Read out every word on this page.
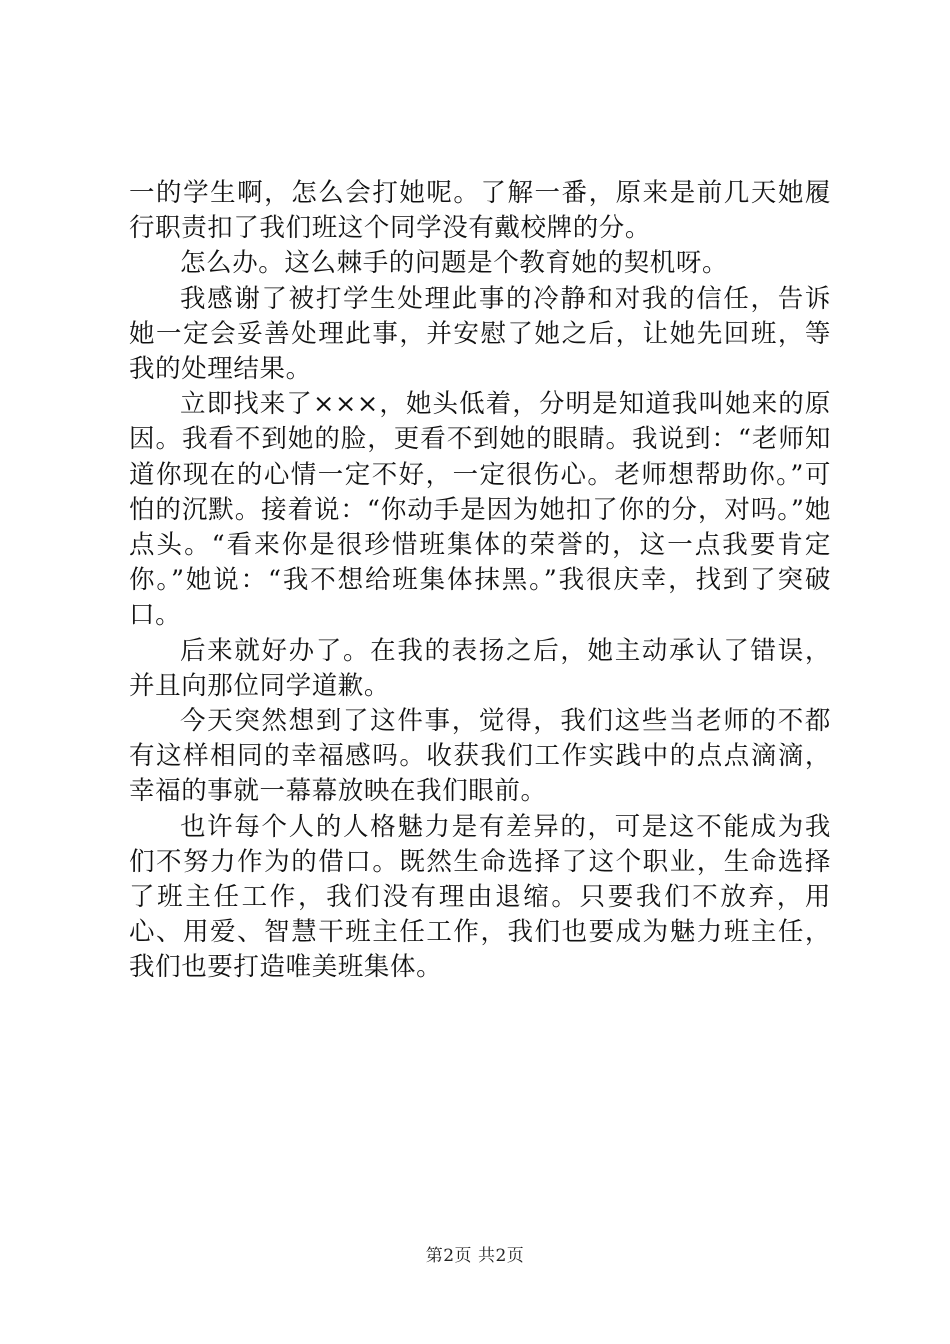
一的学生啊，怎么会打她呢。了解一番，原来是前几天她履行职责扣了我们班这个同学没有戴校牌的分。

怎么办。这么棘手的问题是个教育她的契机呀。

我感谢了被打学生处理此事的冷静和对我的信任，告诉她一定会妥善处理此事，并安慰了她之后，让她先回班，等我的处理结果。

立即找来了×××，她头低着，分明是知道我叫她来的原因。我看不到她的脸，更看不到她的眼睛。我说到：“老师知道你现在的心情一定不好，一定很伤心。老师想帮助你。”可怕的沉默。接着说：“你动手是因为她扣了你的分，对吗。”她点头。“看来你是很珍惜班集体的荣誉的，这一点我要肯定你。”她说：“我不想给班集体抹黑。”我很庆幸，找到了突破口。

后来就好办了。在我的表扬之后，她主动承认了错误，并且向那位同学道歉。

今天突然想到了这件事，觉得，我们这些当老师的不都有这样相同的幸福感吗。收获我们工作实践中的点点滴滴，幸福的事就一幕幕放映在我们眼前。

也许每个人的人格魅力是有差异的，可是这不能成为我们不努力作为的借口。既然生命选择了这个职业，生命选择了班主任工作，我们没有理由退缩。只要我们不放弃，用心、用爱、智慧干班主任工作，我们也要成为魅力班主任，我们也要打造唯美班集体。

第2页 共2页
